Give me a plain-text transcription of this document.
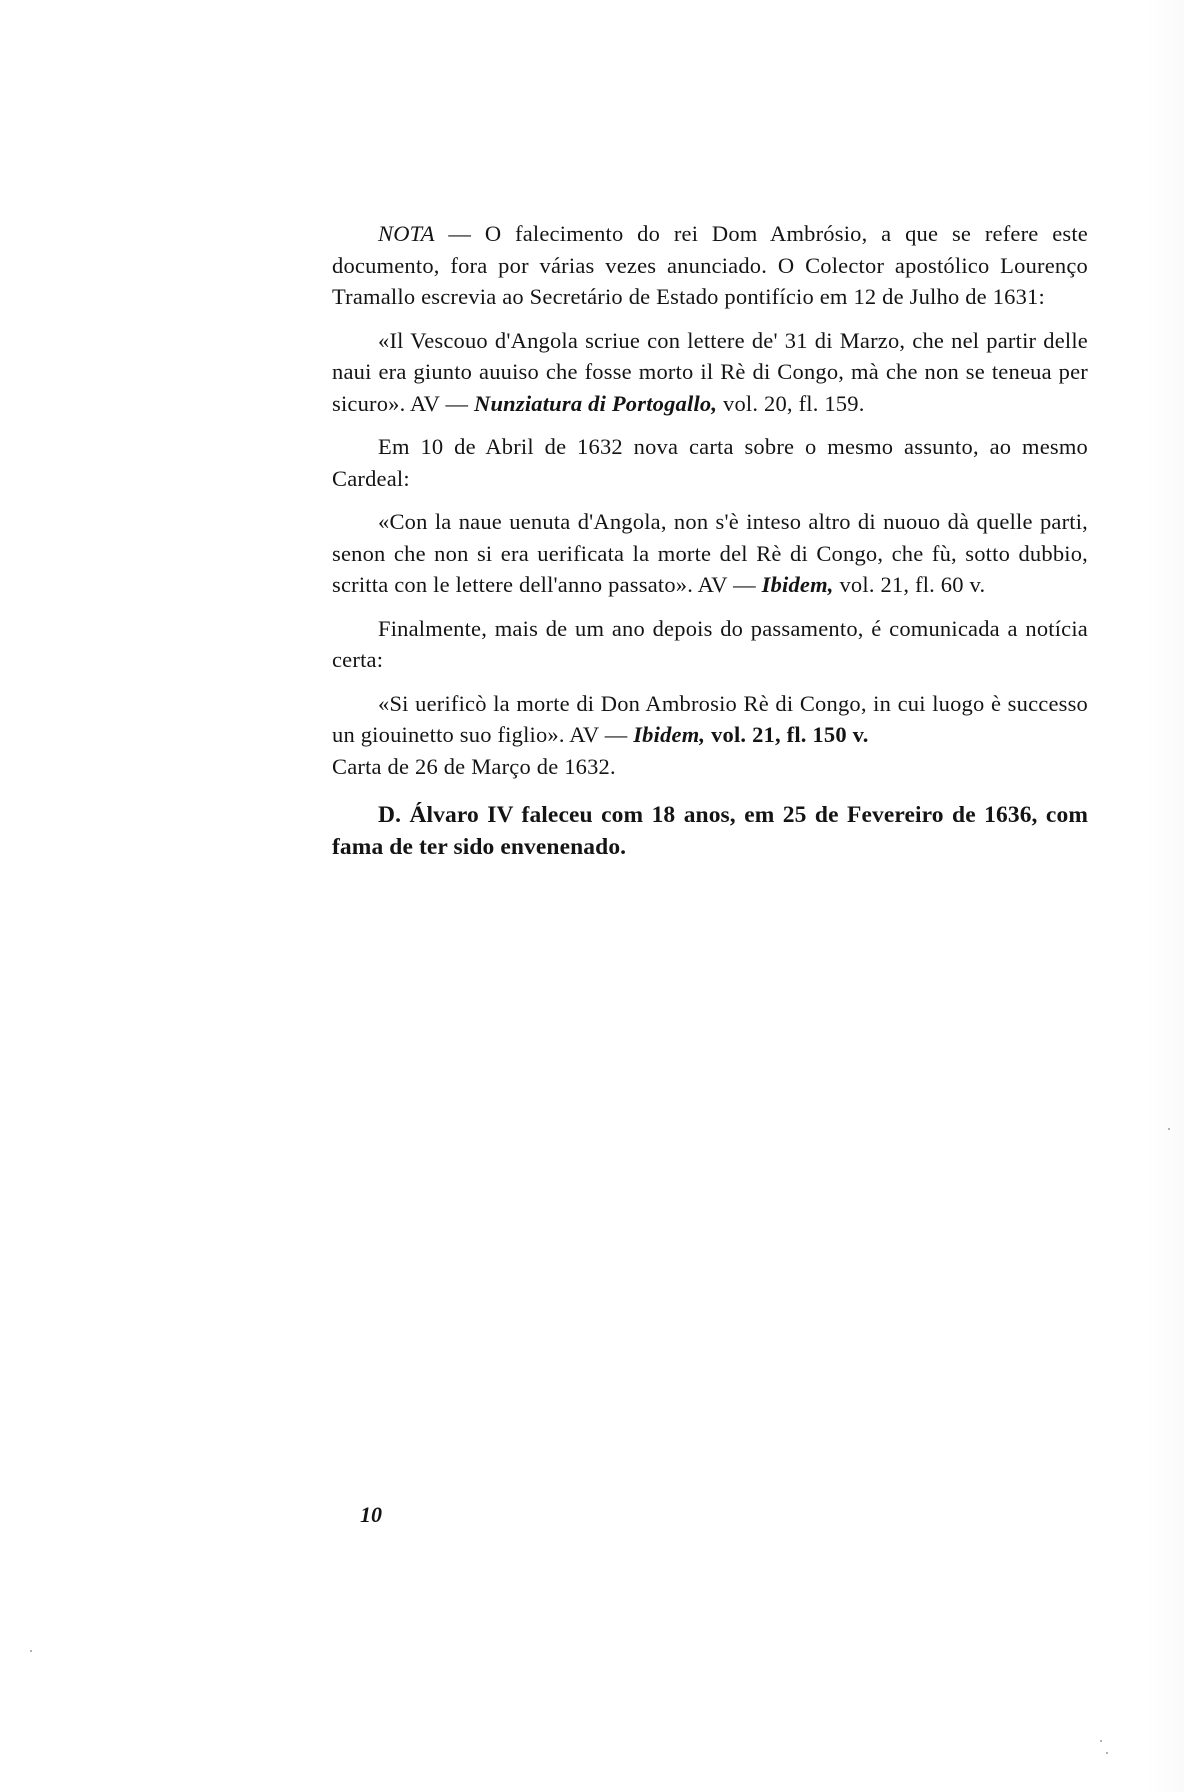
NOTA — O falecimento do rei Dom Ambrósio, a que se refere este documento, fora por várias vezes anunciado. O Colector apostólico Lourenço Tramallo escrevia ao Secretário de Estado pontifício em 12 de Julho de 1631:

«Il Vescouo d'Angola scriue con lettere de' 31 di Marzo, che nel partir delle naui era giunto auuiso che fosse morto il Rè di Congo, mà che non se teneua per sicuro». AV — Nunziatura di Portogallo, vol. 20, fl. 159.

Em 10 de Abril de 1632 nova carta sobre o mesmo assunto, ao mesmo Cardeal:

«Con la naue uenuta d'Angola, non s'è inteso altro di nuouo dà quelle parti, senon che non si era uerificata la morte del Rè di Congo, che fù, sotto dubbio, scritta con le lettere dell'anno passato». AV — Ibidem, vol. 21, fl. 60 v.

Finalmente, mais de um ano depois do passamento, é comunicada a notícia certa:

«Si uerificò la morte di Don Ambrosio Rè di Congo, in cui luogo è successo un giouinetto suo figlio». AV — Ibidem, vol. 21, fl. 150 v.
Carta de 26 de Março de 1632.

D. Álvaro IV faleceu com 18 anos, em 25 de Fevereiro de 1636, com fama de ter sido envenenado.

10
